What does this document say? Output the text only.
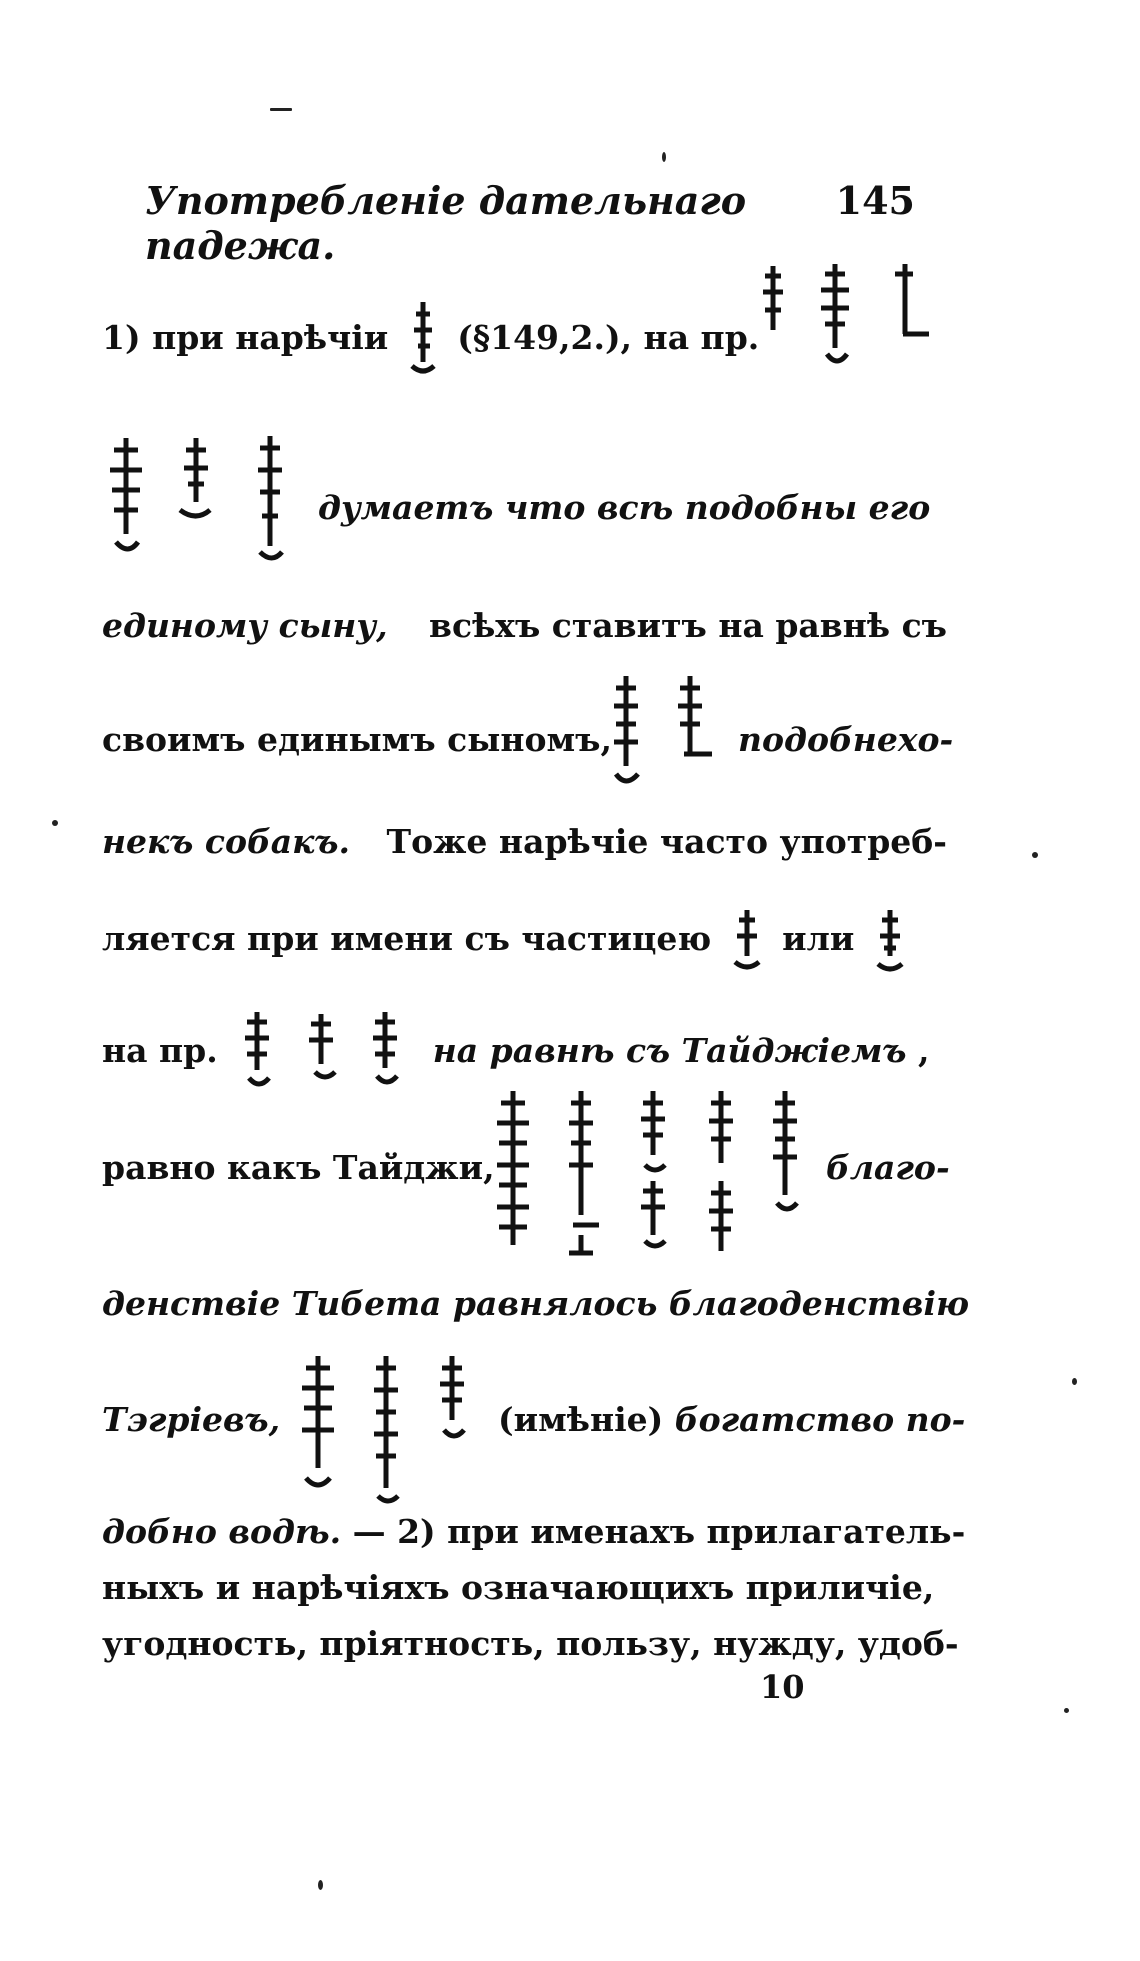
Употребленіе дательнаго падежа.
145
1) при нарѣчіи (§149,2.), на пр.
думаетъ что всѣ подобны его
единому сыну, всѣхъ ставитъ на равнѣ съ
своимъ единымъ сыномъ,	подобнехо-
некъ собакъ. Тоже нарѣчіе часто употреб-
ляется при имени съ частицею или
на пр.	на равнѣ съ Тайджіемъ ,
равно какъ Тайджи,	благо-
денствіе Тибета равнялось благоденствію
Тэгріевъ,	(имѣніе) богатство по-
добно водѣ. — 2) при именахъ прилагатель-
ныхъ и нарѣчіяхъ означающихъ приличіе,
угодность, пріятность, пользу, нужду, удоб-
10
